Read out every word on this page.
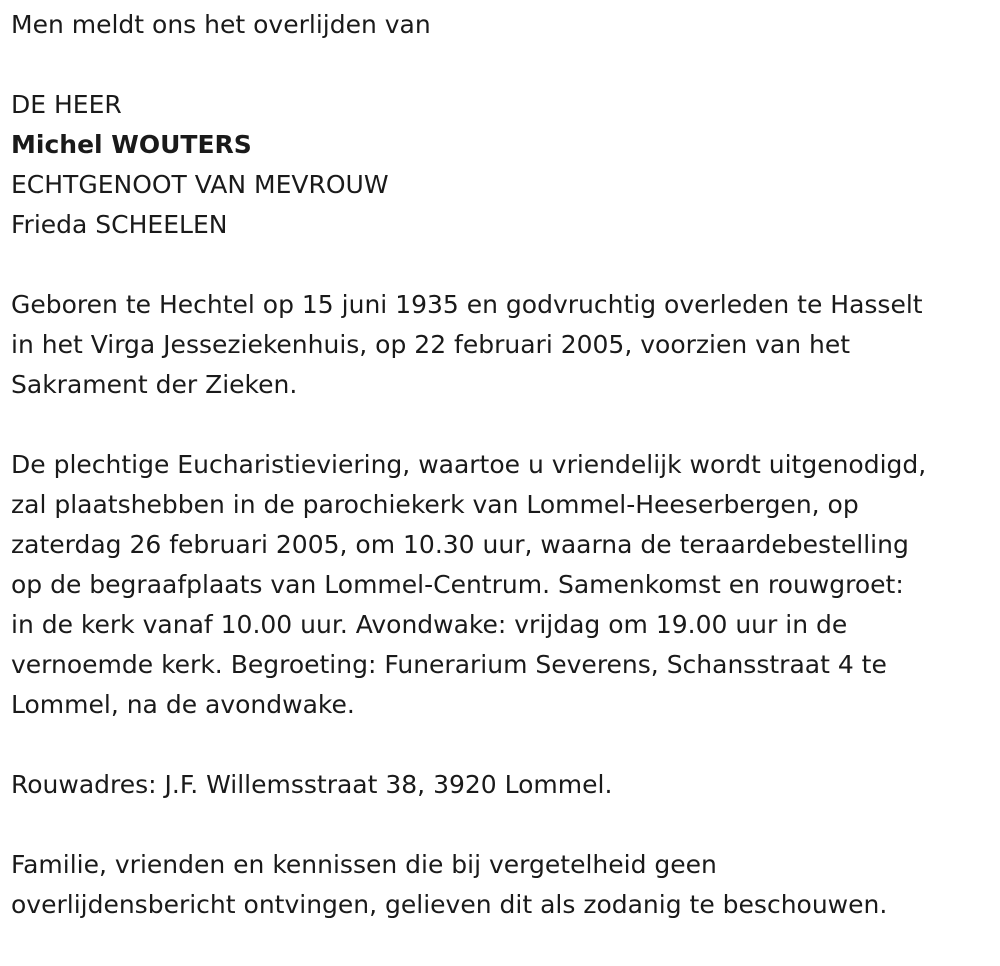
Men meldt ons het overlijden van

DE HEER

Michel WOUTERS

ECHTGENOOT VAN MEVROUW

Frieda SCHEELEN

Geboren te Hechtel op 15 juni 1935 en godvruchtig overleden te Hasselt
in het Virga Jesseziekenhuis, op 22 februari 2005, voorzien van het
Sakrament der Zieken.

De plechtige Eucharistieviering, waartoe u vriendelijk wordt uitgenodigd,
zal plaatshebben in de parochiekerk van Lommel-Heeserbergen, op
zaterdag 26 februari 2005, om 10.30 uur, waarna de teraardebestelling
op de begraafplaats van Lommel-Centrum. Samenkomst en rouwgroet:
in de kerk vanaf 10.00 uur. Avondwake: vrijdag om 19.00 uur in de
vernoemde kerk. Begroeting: Funerarium Severens, Schansstraat 4 te
Lommel, na de avondwake.

Rouwadres: J.F. Willemsstraat 38, 3920 Lommel.

Familie, vrienden en kennissen die bij vergetelheid geen
overlijdensbericht ontvingen, gelieven dit als zodanig te beschouwen.
